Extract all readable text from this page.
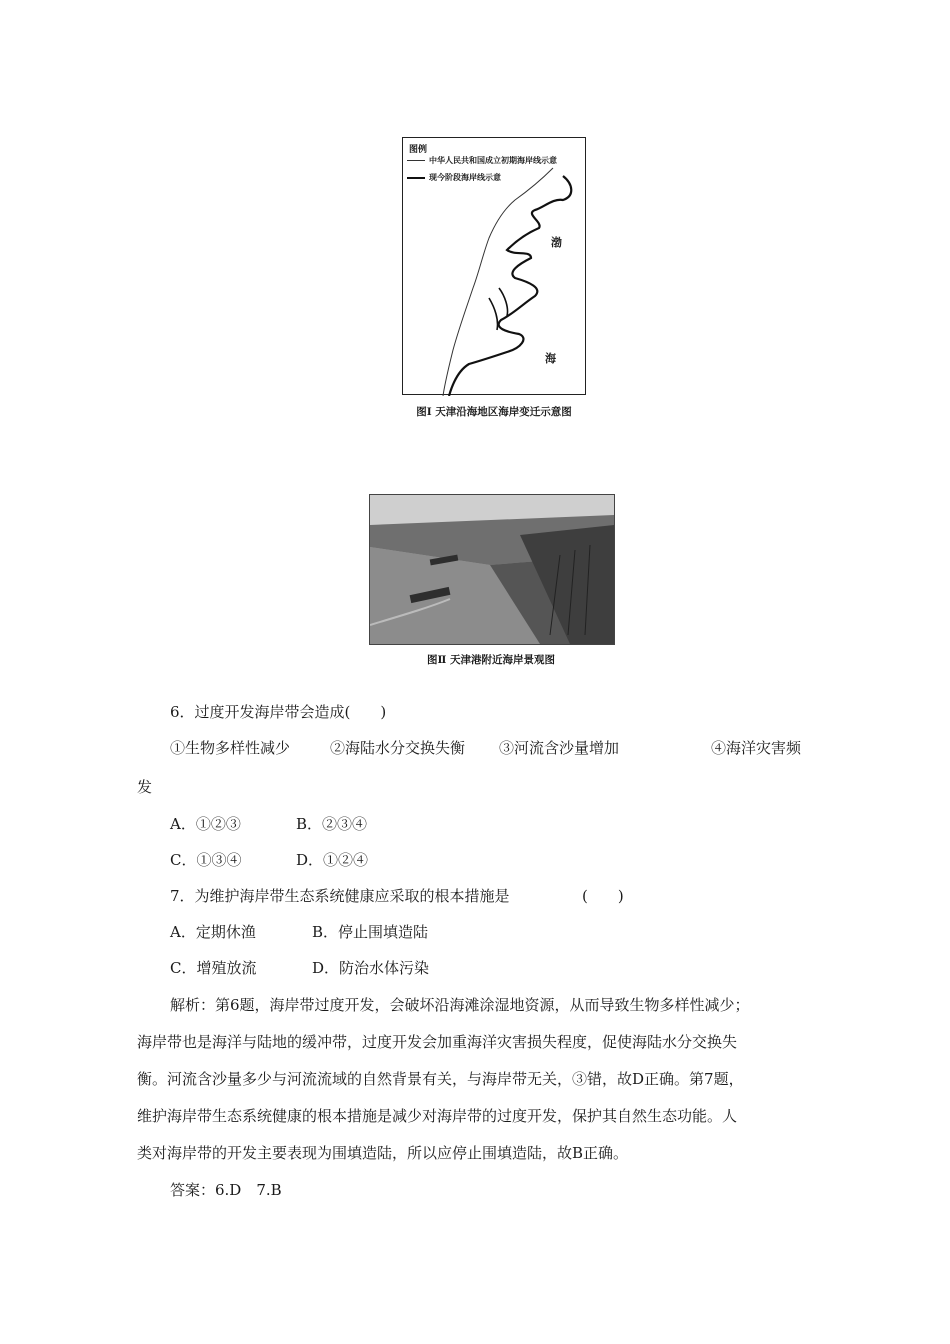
图例
中华人民共和国成立初期海岸线示意
现今阶段海岸线示意
渤
海
图Ⅰ 天津沿海地区海岸变迁示意图
图Ⅱ 天津港附近海岸景观图
6．过度开发海岸带会造成(　　)
①生物多样性减少	②海陆水分交换失衡 ③河流含沙量增加	④海洋灾害频
发
A．①②③	B．②③④
C．①③④	D．①②④
7．为维护海岸带生态系统健康应采取的根本措施是	(　　)
A．定期休渔	B．停止围填造陆
C．增殖放流	D．防治水体污染
解析：第6题，海岸带过度开发，会破坏沿海滩涂湿地资源，从而导致生物多样性减少；
海岸带也是海洋与陆地的缓冲带，过度开发会加重海洋灾害损失程度，促使海陆水分交换失
衡。河流含沙量多少与河流流域的自然背景有关，与海岸带无关，③错，故D正确。第7题，
维护海岸带生态系统健康的根本措施是减少对海岸带的过度开发，保护其自然生态功能。人
类对海岸带的开发主要表现为围填造陆，所以应停止围填造陆，故B正确。
答案：6.D　7.B
